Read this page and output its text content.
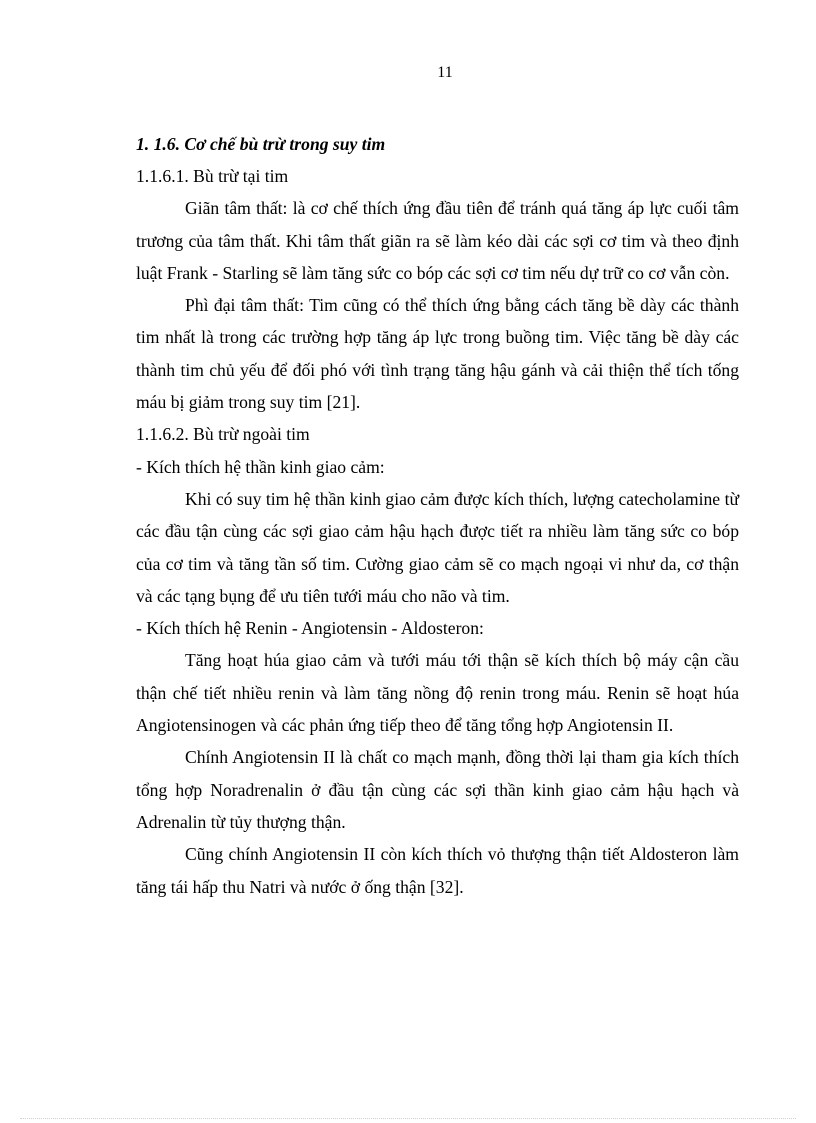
11

1. 1.6. Cơ chế bù trừ trong suy tim

1.1.6.1. Bù trừ tại tim

Giãn tâm thất: là cơ chế thích ứng đầu tiên để tránh quá tăng áp lực cuối tâm trương của tâm thất. Khi tâm thất giãn ra sẽ làm kéo dài các sợi cơ tim và theo định luật Frank - Starling sẽ làm tăng sức co bóp các sợi cơ tim nếu dự trữ co cơ vẫn còn.

Phì đại tâm thất: Tim cũng có thể thích ứng bằng cách tăng bề dày các thành tim nhất là trong các trường hợp tăng áp lực trong buồng tim. Việc tăng bề dày các thành tim chủ yếu để đối phó với tình trạng tăng hậu gánh và cải thiện thể tích tống máu bị giảm trong suy tim [21].

1.1.6.2. Bù trừ ngoài tim

- Kích thích hệ thần kinh giao cảm:

Khi có suy tim hệ thần kinh giao cảm được kích thích, lượng catecholamine từ các đầu tận cùng các sợi giao cảm hậu hạch được tiết ra nhiều làm tăng sức co bóp của cơ tim và tăng tần số tim. Cường giao cảm sẽ co mạch ngoại vi như da, cơ thận và các tạng bụng để ưu tiên tưới máu cho não và tim.

- Kích thích hệ Renin - Angiotensin - Aldosteron:

Tăng hoạt húa giao cảm và tưới máu tới thận sẽ kích thích bộ máy cận cầu thận chế tiết nhiều renin và làm tăng nồng độ renin trong máu. Renin sẽ hoạt húa Angiotensinogen và các phản ứng tiếp theo để tăng tổng hợp Angiotensin II.

Chính Angiotensin II là chất co mạch mạnh, đồng thời lại tham gia kích thích tổng hợp Noradrenalin ở đầu tận cùng các sợi thần kinh giao cảm hậu hạch và Adrenalin từ tủy thượng thận.

Cũng chính Angiotensin II còn kích thích vỏ thượng thận tiết Aldosteron làm tăng tái hấp thu Natri và nước ở ống thận [32].
